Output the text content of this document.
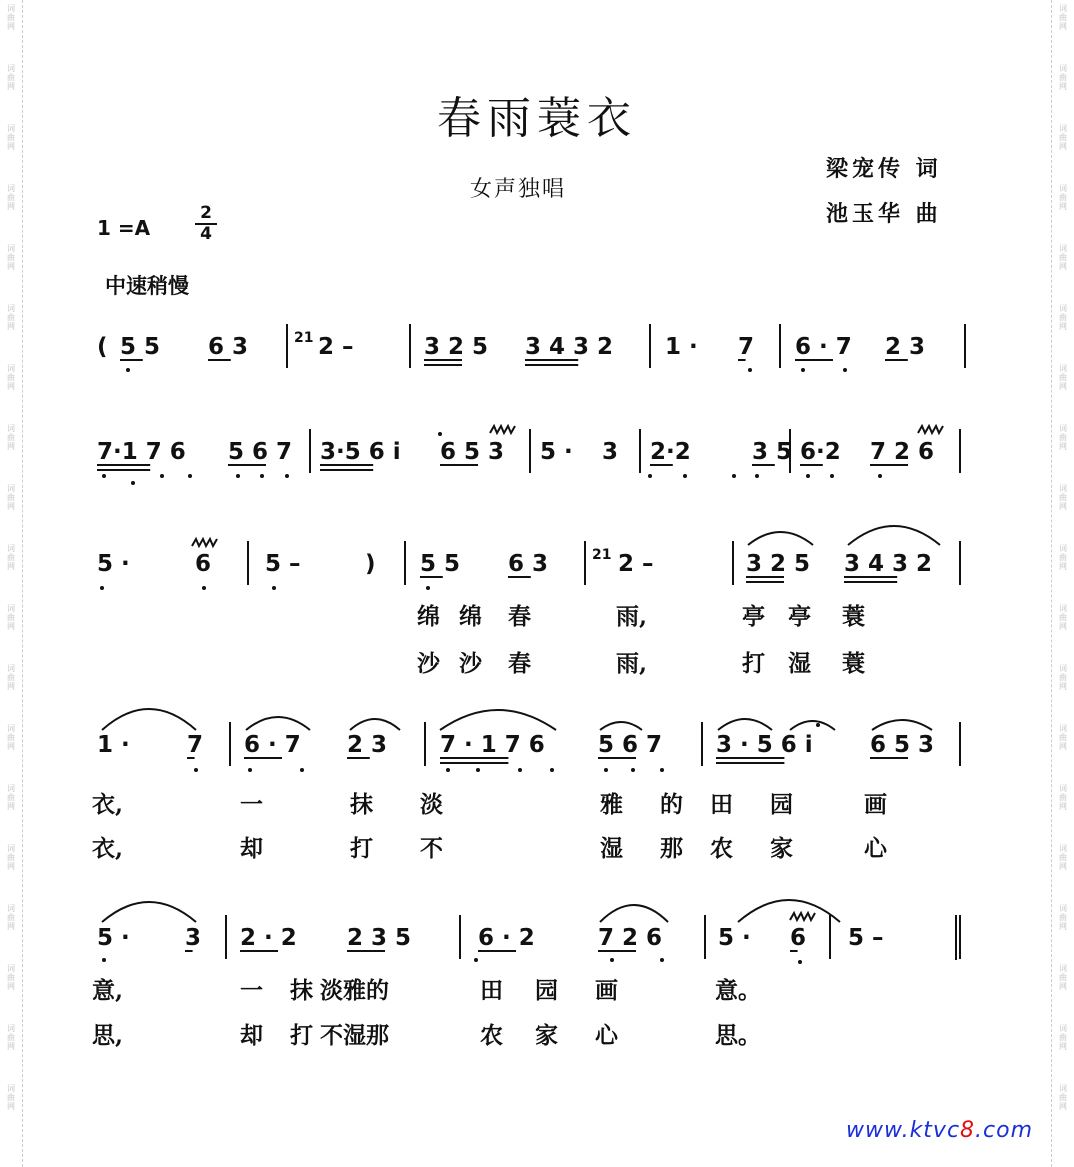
词
曲
网
词
曲
网
词
曲
网
词
曲
网
词
曲
网
词
曲
网
词
曲
网
词
曲
网
词
曲
网
词
曲
网
词
曲
网
词
曲
网
词
曲
网
词
曲
网
词
曲
网
词
曲
网
词
曲
网
词
曲
网
词
曲
网
词
曲
网
词
曲
网
词
曲
网
词
曲
网
词
曲
网
词
曲
网
词
曲
网
词
曲
网
词
曲
网
词
曲
网
词
曲
网
词
曲
网
词
曲
网
词
曲
网
词
曲
网
词
曲
网
词
曲
网
词
曲
网
词
曲
网
春雨蓑衣
女声独唱
梁宠传 词
池玉华 曲
1 =A
2
4
中速稍慢
( 5 5 6 3	21 2 –	3 2 5 3 4 3 2 1 · 7 6 · 7 2 3
7·1 7 6 5 6 7 3·5 6 i 6 5 3 5 · 3 2·2	3 5 6·2 7 2 6
5 ·	6 5 –	) 5 5 6 3	21 2 –	3 2 5 3 4 3 2
1 · 7 6 · 7 2 3 7 · 1 7 6 5 6 7 3 · 5 6 i 6 5 3
5 · 3 2 · 2 2 3 5	6 · 2	7 2 6 5 · 6 5 –
绵 绵 春	雨,	亭 亭 蓑
沙 沙 春	雨,	打 湿 蓑
衣,	一	抹 淡	雅 的 田 园	画
衣,	却	打 不	湿 那 农 家	心
意,	一 抹 淡雅的	田 园 画	意。
思,	却 打 不湿那	农 家 心	思。
www.ktvc8.com
